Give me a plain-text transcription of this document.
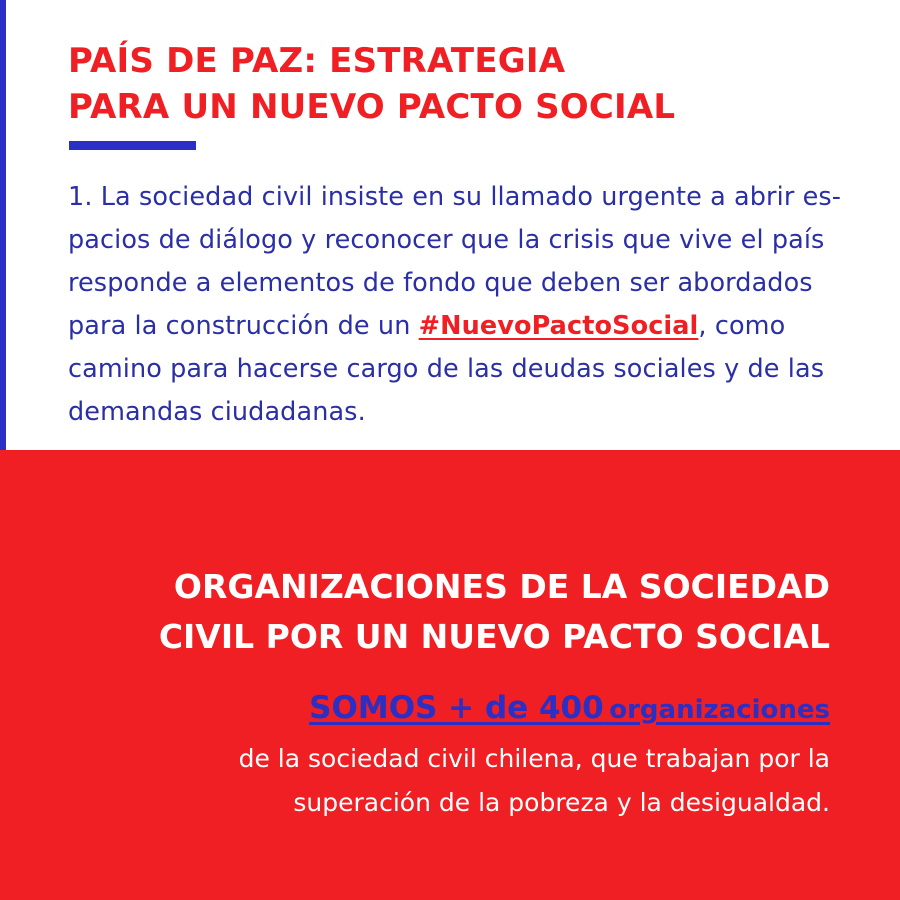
PAÍS DE PAZ: ESTRATEGIA
PARA UN NUEVO PACTO SOCIAL

1. La sociedad civil insiste en su llamado urgente a abrir es-
pacios de diálogo y reconocer que la crisis que vive el país
responde a elementos de fondo que deben ser abordados
para la construcción de un #NuevoPactoSocial, como
camino para hacerse cargo de las deudas sociales y de las
demandas ciudadanas.

ORGANIZACIONES DE LA SOCIEDAD
CIVIL POR UN NUEVO PACTO SOCIAL
SOMOS + de 400 organizaciones

de la sociedad civil chilena, que trabajan por la
superación de la pobreza y la desigualdad.
